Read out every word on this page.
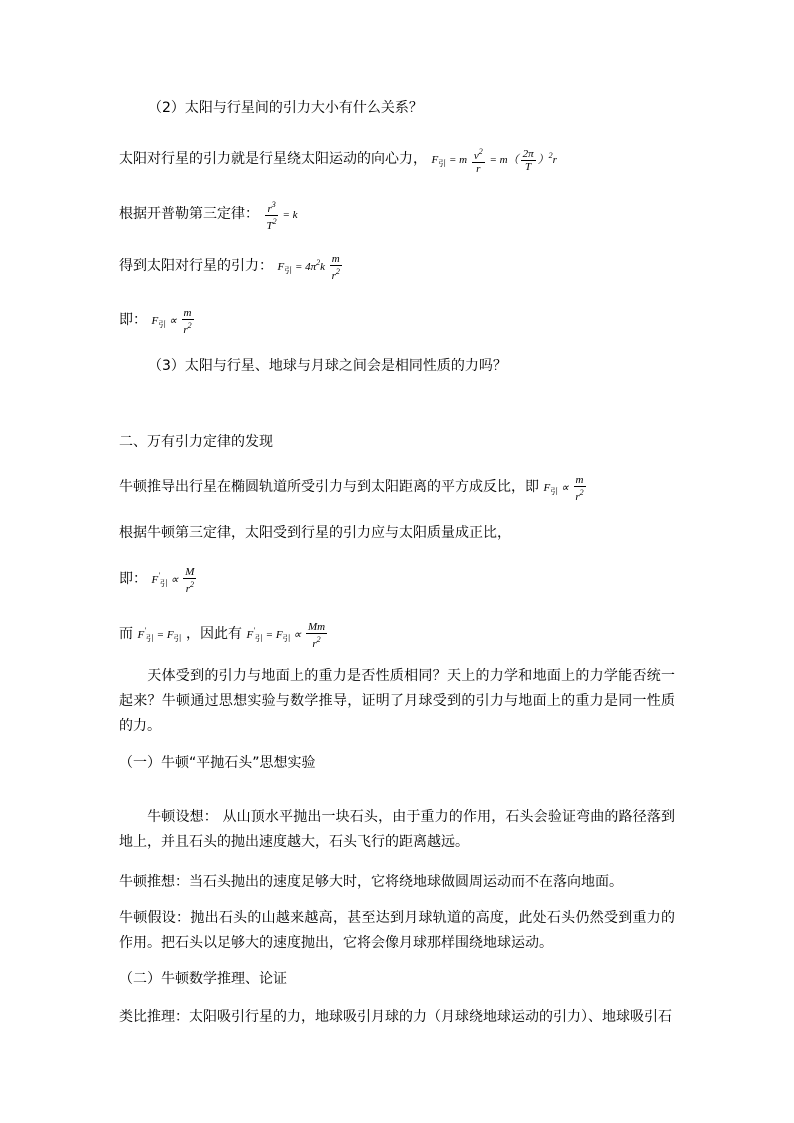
（2）太阳与行星间的引力大小有什么关系？
太阳对行星的引力就是行星绕太阳运动的向心力， $F_引 = m \frac{v^2}{r} = m( \frac{2\pi}{T} )^2r$
根据开普勒第三定律： $\frac{r^3}{T^2} = k$
得到太阳对行星的引力： $F_引 = 4\pi^2k \frac{m}{r^2}$
即： $F_引 \propto \frac{m}{r^2}$
（3）太阳与行星、地球与月球之间会是相同性质的力吗？
二、万有引力定律的发现
牛顿推导出行星在椭圆轨道所受引力与到太阳距离的平方成反比，即 $F_引 \propto \frac{m}{r^2}$
根据牛顿第三定律，太阳受到行星的引力应与太阳质量成正比，
即： $F'_引 \propto \frac{M}{r^2}$
而 $F'_引 = F_引$ ，因此有 $F'_引 = F_引 \propto \frac{Mm}{r^2}$
天体受到的引力与地面上的重力是否性质相同？天上的力学和地面上的力学能否统一起来？牛顿通过思想实验与数学推导，证明了月球受到的引力与地面上的重力是同一性质的力。
（一）牛顿“平抛石头”思想实验
牛顿设想： 从山顶水平抛出一块石头，由于重力的作用，石头会验证弯曲的路径落到地上，并且石头的抛出速度越大，石头飞行的距离越远。
牛顿推想：当石头抛出的速度足够大时，它将绕地球做圆周运动而不在落向地面。
牛顿假设：抛出石头的山越来越高，甚至达到月球轨道的高度，此处石头仍然受到重力的作用。把石头以足够大的速度抛出，它将会像月球那样围绕地球运动。
（二）牛顿数学推理、论证
类比推理：太阳吸引行星的力，地球吸引月球的力（月球绕地球运动的引力）、地球吸引石
